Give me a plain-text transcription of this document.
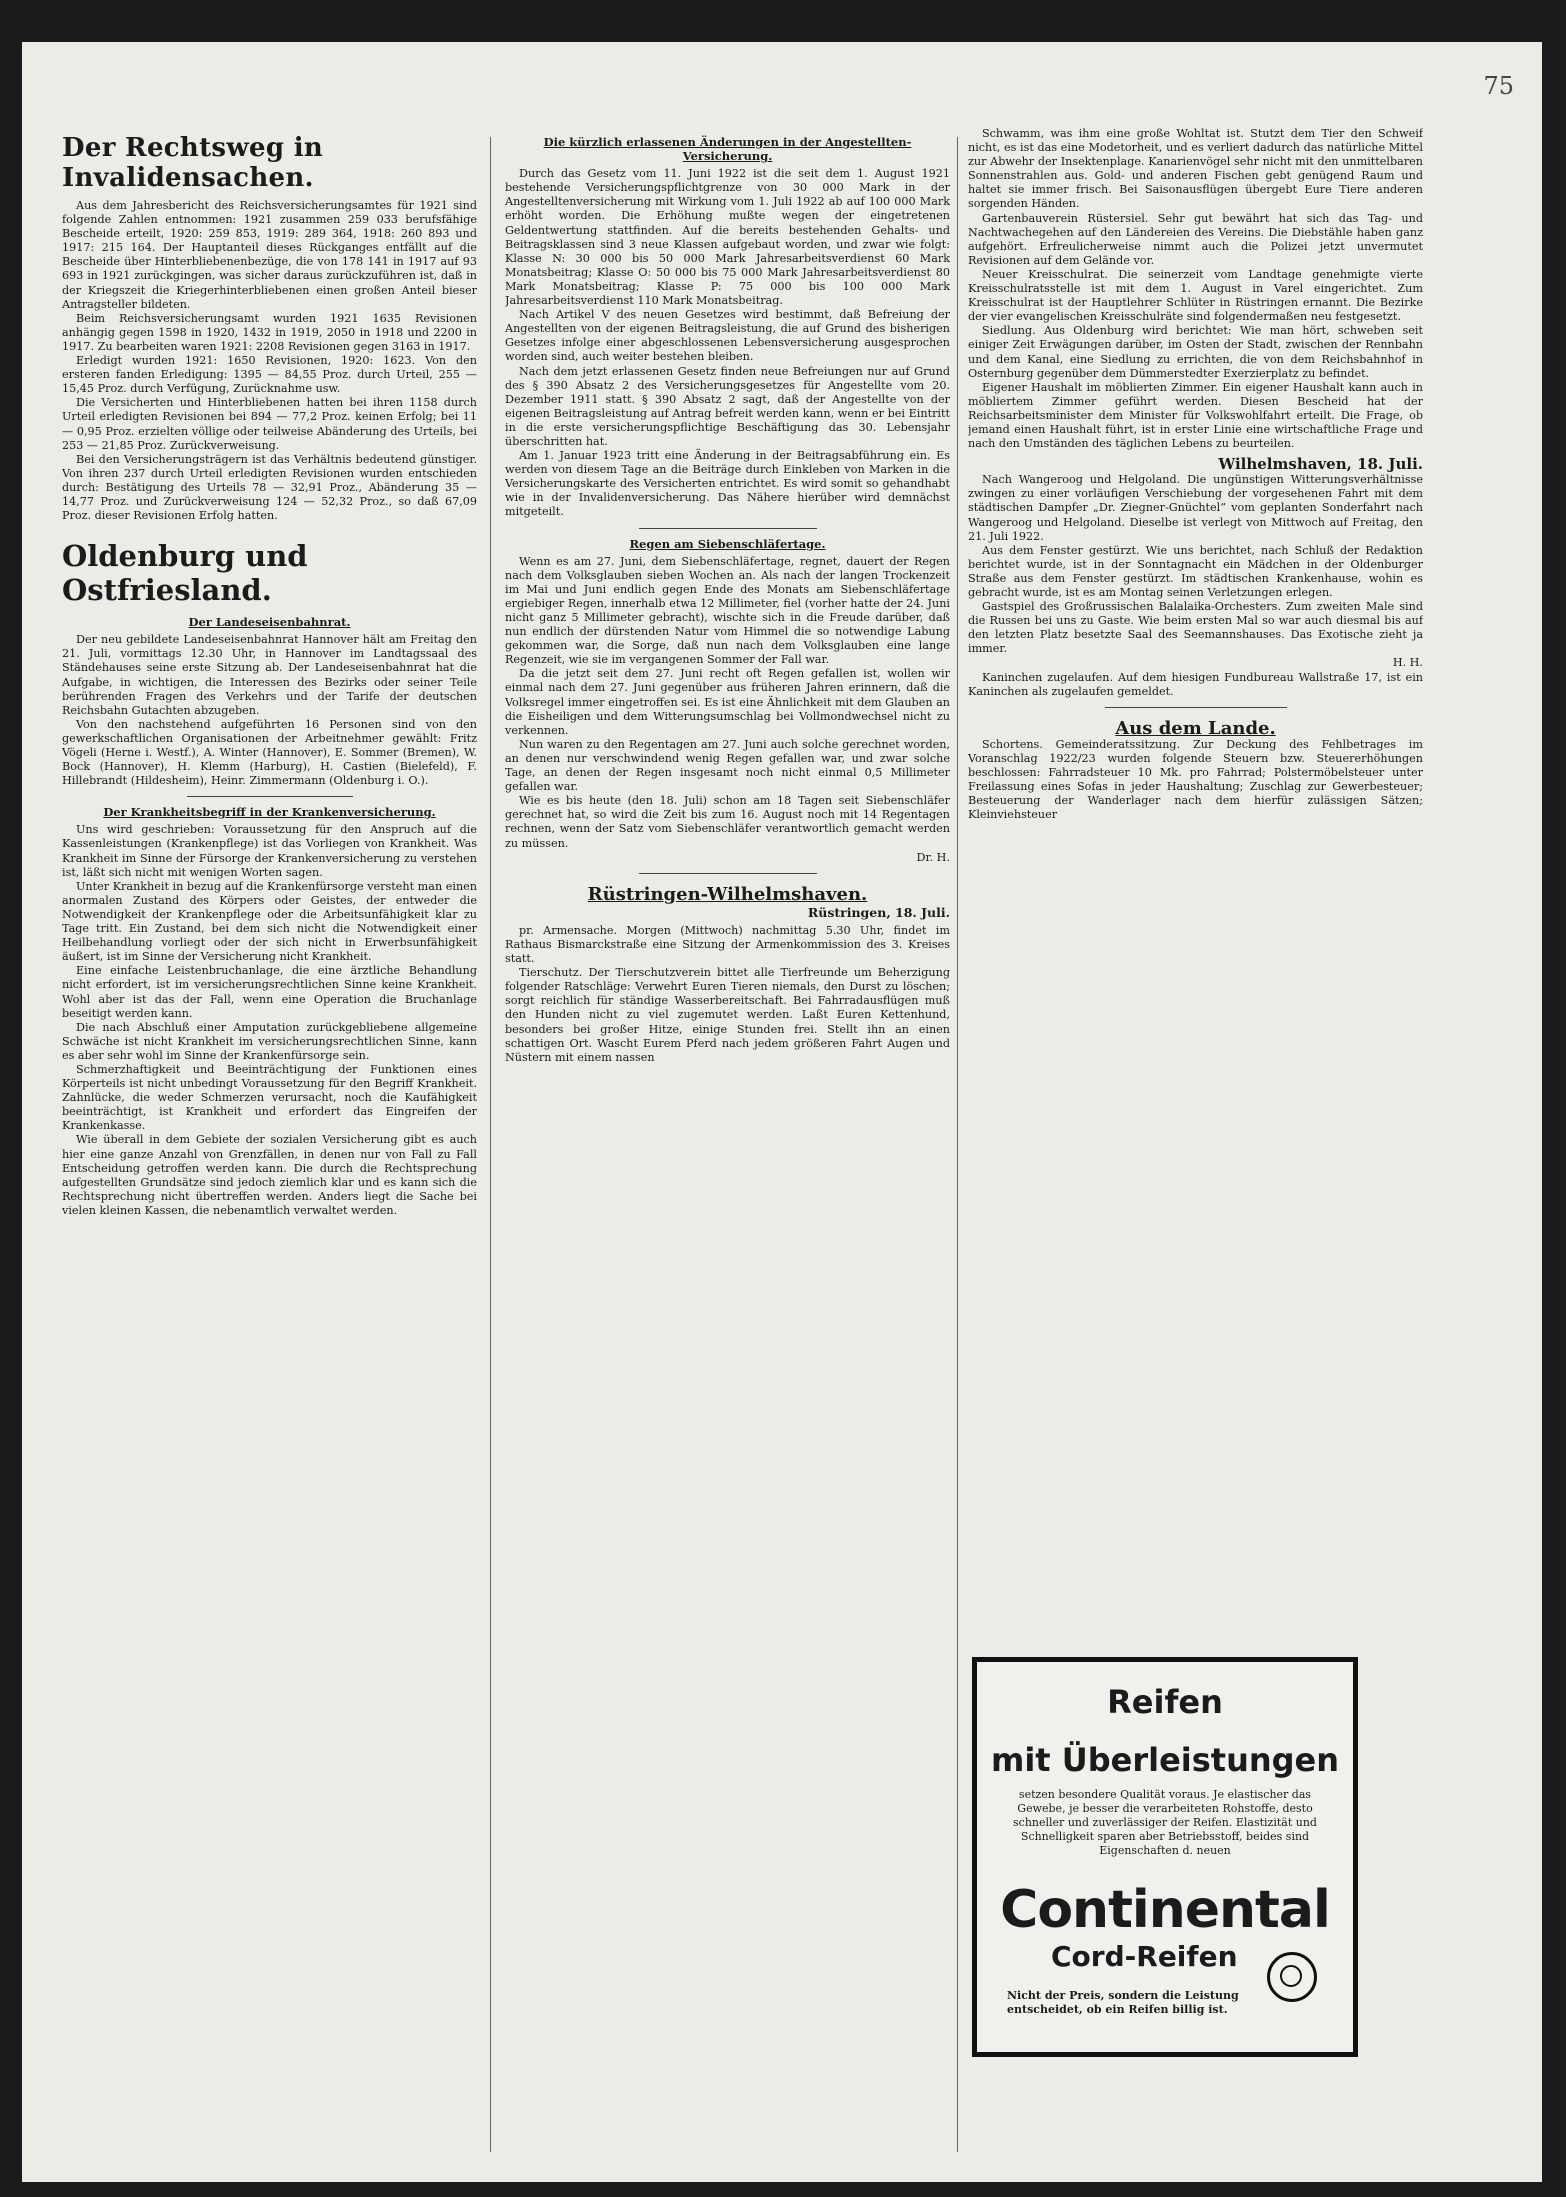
75
Der Rechtsweg in Invalidensachen.

Aus dem Jahresbericht des Reichsversicherungsamtes für 1921 sind folgende Zahlen entnommen: 1921 zusammen 259 033 berufsfähige Bescheide erteilt, 1920: 259 853, 1919: 289 364, 1918: 260 893 und 1917: 215 164. Der Hauptanteil dieses Rückganges entfällt auf die Bescheide über Hinterbliebenenbezüge, die von 178 141 in 1917 auf 93 693 in 1921 zurückgingen, was sicher daraus zurückzuführen ist, daß in der Kriegszeit die Kriegerhinterbliebenen einen großen Anteil bieser Antragsteller bildeten.

Beim Reichsversicherungsamt wurden 1921 1635 Revisionen anhängig gegen 1598 in 1920, 1432 in 1919, 2050 in 1918 und 2200 in 1917. Zu bearbeiten waren 1921: 2208 Revisionen gegen 3163 in 1917.

Erledigt wurden 1921: 1650 Revisionen, 1920: 1623. Von den ersteren fanden Erledigung: 1395 — 84,55 Proz. durch Urteil, 255 — 15,45 Proz. durch Verfügung, Zurücknahme usw.

Die Versicherten und Hinterbliebenen hatten bei ihren 1158 durch Urteil erledigten Revisionen bei 894 — 77,2 Proz. keinen Erfolg; bei 11 — 0,95 Proz. erzielten völlige oder teilweise Abänderung des Urteils, bei 253 — 21,85 Proz. Zurückverweisung.

Bei den Versicherungsträgern ist das Verhältnis bedeutend günstiger. Von ihren 237 durch Urteil erledigten Revisionen wurden entschieden durch: Bestätigung des Urteils 78 — 32,91 Proz., Abänderung 35 — 14,77 Proz. und Zurückverweisung 124 — 52,32 Proz., so daß 67,09 Proz. dieser Revisionen Erfolg hatten.

Oldenburg und Ostfriesland.
Der Landeseisenbahnrat.

Der neu gebildete Landeseisenbahnrat Hannover hält am Freitag den 21. Juli, vormittags 12.30 Uhr, in Hannover im Landtagssaal des Ständehauses seine erste Sitzung ab. Der Landeseisenbahnrat hat die Aufgabe, in wichtigen, die Interessen des Bezirks oder seiner Teile berührenden Fragen des Verkehrs und der Tarife der deutschen Reichsbahn Gutachten abzugeben.

Von den nachstehend aufgeführten 16 Personen sind von den gewerkschaftlichen Organisationen der Arbeitnehmer gewählt: Fritz Vögeli (Herne i. Westf.), A. Winter (Hannover), E. Sommer (Bremen), W. Bock (Hannover), H. Klemm (Harburg), H. Castien (Bielefeld), F. Hillebrandt (Hildesheim), Heinr. Zimmermann (Oldenburg i. O.).

Der Krankheitsbegriff in der Krankenversicherung.

Uns wird geschrieben: Voraussetzung für den Anspruch auf die Kassenleistungen (Krankenpflege) ist das Vorliegen von Krankheit. Was Krankheit im Sinne der Fürsorge der Krankenversicherung zu verstehen ist, läßt sich nicht mit wenigen Worten sagen.

Unter Krankheit in bezug auf die Krankenfürsorge versteht man einen anormalen Zustand des Körpers oder Geistes, der entweder die Notwendigkeit der Krankenpflege oder die Arbeitsunfähigkeit klar zu Tage tritt. Ein Zustand, bei dem sich nicht die Notwendigkeit einer Heilbehandlung vorliegt oder der sich nicht in Erwerbsunfähigkeit äußert, ist im Sinne der Versicherung nicht Krankheit.

Eine einfache Leistenbruchanlage, die eine ärztliche Behandlung nicht erfordert, ist im versicherungsrechtlichen Sinne keine Krankheit. Wohl aber ist das der Fall, wenn eine Operation die Bruchanlage beseitigt werden kann.

Die nach Abschluß einer Amputation zurückgebliebene allgemeine Schwäche ist nicht Krankheit im versicherungsrechtlichen Sinne, kann es aber sehr wohl im Sinne der Krankenfürsorge sein.

Schmerzhaftigkeit und Beeinträchtigung der Funktionen eines Körperteils ist nicht unbedingt Voraussetzung für den Begriff Krankheit. Zahnlücke, die weder Schmerzen verursacht, noch die Kaufähigkeit beeinträchtigt, ist Krankheit und erfordert das Eingreifen der Krankenkasse.

Wie überall in dem Gebiete der sozialen Versicherung gibt es auch hier eine ganze Anzahl von Grenzfällen, in denen nur von Fall zu Fall Entscheidung getroffen werden kann. Die durch die Rechtsprechung aufgestellten Grundsätze sind jedoch ziemlich klar und es kann sich die Rechtsprechung nicht übertreffen werden. Anders liegt die Sache bei vielen kleinen Kassen, die nebenamtlich verwaltet werden.

Die kürzlich erlassenen Änderungen in der Angestellten-Versicherung.

Durch das Gesetz vom 11. Juni 1922 ist die seit dem 1. August 1921 bestehende Versicherungspflichtgrenze von 30 000 Mark in der Angestelltenversicherung mit Wirkung vom 1. Juli 1922 ab auf 100 000 Mark erhöht worden. Die Erhöhung mußte wegen der eingetretenen Geldentwertung stattfinden. Auf die bereits bestehenden Gehalts- und Beitragsklassen sind 3 neue Klassen aufgebaut worden, und zwar wie folgt: Klasse N: 30 000 bis 50 000 Mark Jahresarbeitsverdienst 60 Mark Monatsbeitrag; Klasse O: 50 000 bis 75 000 Mark Jahresarbeitsverdienst 80 Mark Monatsbeitrag; Klasse P: 75 000 bis 100 000 Mark Jahresarbeitsverdienst 110 Mark Monatsbeitrag.

Nach Artikel V des neuen Gesetzes wird bestimmt, daß Befreiung der Angestellten von der eigenen Beitragsleistung, die auf Grund des bisherigen Gesetzes infolge einer abgeschlossenen Lebensversicherung ausgesprochen worden sind, auch weiter bestehen bleiben.

Nach dem jetzt erlassenen Gesetz finden neue Befreiungen nur auf Grund des § 390 Absatz 2 des Versicherungsgesetzes für Angestellte vom 20. Dezember 1911 statt. § 390 Absatz 2 sagt, daß der Angestellte von der eigenen Beitragsleistung auf Antrag befreit werden kann, wenn er bei Eintritt in die erste versicherungspflichtige Beschäftigung das 30. Lebensjahr überschritten hat.

Am 1. Januar 1923 tritt eine Änderung in der Beitragsabführung ein. Es werden von diesem Tage an die Beiträge durch Einkleben von Marken in die Versicherungskarte des Versicherten entrichtet. Es wird somit so gehandhabt wie in der Invalidenversicherung. Das Nähere hierüber wird demnächst mitgeteilt.

Regen am Siebenschläfertage.

Wenn es am 27. Juni, dem Siebenschläfertage, regnet, dauert der Regen nach dem Volksglauben sieben Wochen an. Als nach der langen Trockenzeit im Mai und Juni endlich gegen Ende des Monats am Siebenschläfertage ergiebiger Regen, innerhalb etwa 12 Millimeter, fiel (vorher hatte der 24. Juni nicht ganz 5 Millimeter gebracht), wischte sich in die Freude darüber, daß nun endlich der dürstenden Natur vom Himmel die so notwendige Labung gekommen war, die Sorge, daß nun nach dem Volksglauben eine lange Regenzeit, wie sie im vergangenen Sommer der Fall war.

Da die jetzt seit dem 27. Juni recht oft Regen gefallen ist, wollen wir einmal nach dem 27. Juni gegenüber aus früheren Jahren erinnern, daß die Volksregel immer eingetroffen sei. Es ist eine Ähnlichkeit mit dem Glauben an die Eisheiligen und dem Witterungsumschlag bei Vollmondwechsel nicht zu verkennen.

Nun waren zu den Regentagen am 27. Juni auch solche gerechnet worden, an denen nur verschwindend wenig Regen gefallen war, und zwar solche Tage, an denen der Regen insgesamt noch nicht einmal 0,5 Millimeter gefallen war.

Wie es bis heute (den 18. Juli) schon am 18 Tagen seit Siebenschläfer gerechnet hat, so wird die Zeit bis zum 16. August noch mit 14 Regentagen rechnen, wenn der Satz vom Siebenschläfer verantwortlich gemacht werden zu müssen.

Dr. H.

Rüstringen-Wilhelmshaven.
Rüstringen, 18. Juli.

pr. Armensache. Morgen (Mittwoch) nachmittag 5.30 Uhr, findet im Rathaus Bismarckstraße eine Sitzung der Armenkommission des 3. Kreises statt.

Tierschutz. Der Tierschutzverein bittet alle Tierfreunde um Beherzigung folgender Ratschläge: Verwehrt Euren Tieren niemals, den Durst zu löschen; sorgt reichlich für ständige Wasserbereitschaft. Bei Fahrradausflügen muß den Hunden nicht zu viel zugemutet werden. Laßt Euren Kettenhund, besonders bei großer Hitze, einige Stunden frei. Stellt ihn an einen schattigen Ort. Wascht Eurem Pferd nach jedem größeren Fahrt Augen und Nüstern mit einem nassen

Schwamm, was ihm eine große Wohltat ist. Stutzt dem Tier den Schweif nicht, es ist das eine Modetorheit, und es verliert dadurch das natürliche Mittel zur Abwehr der Insektenplage. Kanarienvögel sehr nicht mit den unmittelbaren Sonnenstrahlen aus. Gold- und anderen Fischen gebt genügend Raum und haltet sie immer frisch. Bei Saisonausflügen übergebt Eure Tiere anderen sorgenden Händen.

Gartenbauverein Rüstersiel. Sehr gut bewährt hat sich das Tag- und Nachtwachegehen auf den Ländereien des Vereins. Die Diebstähle haben ganz aufgehört. Erfreulicherweise nimmt auch die Polizei jetzt unvermutet Revisionen auf dem Gelände vor.

Neuer Kreisschulrat. Die seinerzeit vom Landtage genehmigte vierte Kreisschulratsstelle ist mit dem 1. August in Varel eingerichtet. Zum Kreisschulrat ist der Hauptlehrer Schlüter in Rüstringen ernannt. Die Bezirke der vier evangelischen Kreisschulräte sind folgendermaßen neu festgesetzt.

Siedlung. Aus Oldenburg wird berichtet: Wie man hört, schweben seit einiger Zeit Erwägungen darüber, im Osten der Stadt, zwischen der Rennbahn und dem Kanal, eine Siedlung zu errichten, die von dem Reichsbahnhof in Osternburg gegenüber dem Dümmerstedter Exerzierplatz zu befindet.

Eigener Haushalt im möblierten Zimmer. Ein eigener Haushalt kann auch in möbliertem Zimmer geführt werden. Diesen Bescheid hat der Reichsarbeitsminister dem Minister für Volkswohlfahrt erteilt. Die Frage, ob jemand einen Haushalt führt, ist in erster Linie eine wirtschaftliche Frage und nach den Umständen des täglichen Lebens zu beurteilen.

Wilhelmshaven, 18. Juli.

Nach Wangeroog und Helgoland. Die ungünstigen Witterungsverhältnisse zwingen zu einer vorläufigen Verschiebung der vorgesehenen Fahrt mit dem städtischen Dampfer „Dr. Ziegner-Gnüchtel“ vom geplanten Sonderfahrt nach Wangeroog und Helgoland. Dieselbe ist verlegt von Mittwoch auf Freitag, den 21. Juli 1922.

Aus dem Fenster gestürzt. Wie uns berichtet, nach Schluß der Redaktion berichtet wurde, ist in der Sonntagnacht ein Mädchen in der Oldenburger Straße aus dem Fenster gestürzt. Im städtischen Krankenhause, wohin es gebracht wurde, ist es am Montag seinen Verletzungen erlegen.

Gastspiel des Großrussischen Balalaika-Orchesters. Zum zweiten Male sind die Russen bei uns zu Gaste. Wie beim ersten Mal so war auch diesmal bis auf den letzten Platz besetzte Saal des Seemannshauses. Das Exotische zieht ja immer.

H. H.

Kaninchen zugelaufen. Auf dem hiesigen Fundbureau Wallstraße 17, ist ein Kaninchen als zugelaufen gemeldet.

Aus dem Lande.

Schortens. Gemeinderatssitzung. Zur Deckung des Fehlbetrages im Voranschlag 1922/23 wurden folgende Steuern bzw. Steuererhöhungen beschlossen: Fahrradsteuer 10 Mk. pro Fahrrad; Polstermöbelsteuer unter Freilassung eines Sofas in jeder Haushaltung; Zuschlag zur Gewerbesteuer; Besteuerung der Wanderlager nach dem hierfür zulässigen Sätzen; Kleinviehsteuer

Reifen
mit Überleistungen
setzen besondere Qualität voraus. Je elastischer das Gewebe, je besser die verarbeiteten Rohstoffe, desto schneller und zuverlässiger der Reifen. Elastizität und Schnelligkeit sparen aber Betriebsstoff, beides sind Eigenschaften d. neuen
Continental
Cord-Reifen
Nicht der Preis, sondern die Leistung entscheidet, ob ein Reifen billig ist.
